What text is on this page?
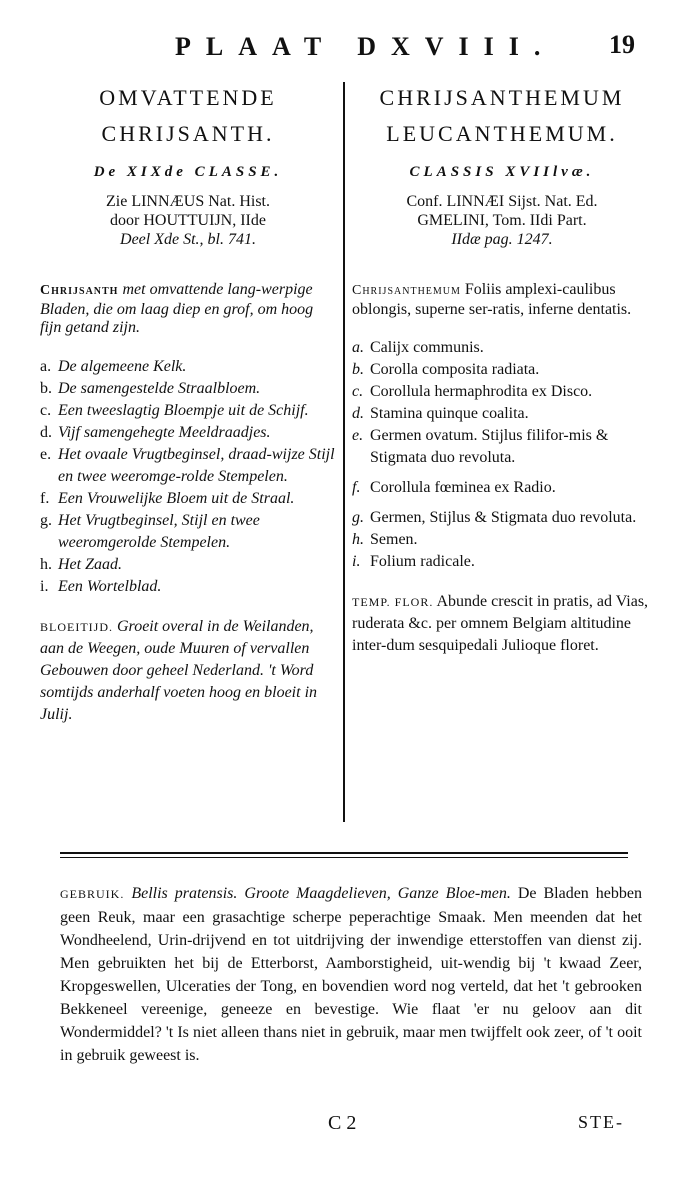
PLAAT DXVIII. 19
OMVATTENDE
CHRIJSANTH.
De XIXde CLASSE.
Zie LINNÆUS Nat. Hist.
door HOUTTUIJN, IIde
Deel Xde St., bl. 741.
Chrijsanth met omvattende lang-werpige Bladen, die om laag diep en grof, om hoog fijn getand zijn.
a. De algemeene Kelk.
b. De samengestelde Straalbloem.
c. Een tweeslagtig Bloempje uit de Schijf.
d. Vijf samengehegte Meeldraadjes.
e. Het ovaale Vrugtbeginsel, draad-wijze Stijl en twee weeromge-rolde Stempelen.
f. Een Vrouwelijke Bloem uit de Straal.
g. Het Vrugtbeginsel, Stijl en twee weeromgerolde Stempelen.
h. Het Zaad.
i. Een Wortelblad.
BLOEITIJD. Groeit overal in de Weilanden, aan de Weegen, oude Muuren of vervallen Gebouwen door geheel Nederland. 't Word somtijds anderhalf voeten hoog en bloeit in Julij.
CHRIJSANTHEMUM
LEUCANTHEMUM.
CLASSIS XVIIlvæ.
Conf. LINNÆI Sijst. Nat. Ed.
GMELINI, Tom. IIdi Part.
IIdæ pag. 1247.
Chrijsanthemum Foliis amplexi-caulibus oblongis, superne ser-ratis, inferne dentatis.
a. Calijx communis.
b. Corolla composita radiata.
c. Corollula hermaphrodita ex Disco.
d. Stamina quinque coalita.
e. Germen ovatum. Stijlus filifor-mis & Stigmata duo revoluta.
f. Corollula fœminea ex Radio.
g. Germen, Stijlus & Stigmata duo revoluta.
h. Semen.
i. Folium radicale.
TEMP. FLOR. Abunde crescit in pratis, ad Vias, ruderata &c. per omnem Belgiam altitudine inter-dum sesquipedali Julioque floret.
GEBRUIK. Bellis pratensis. Groote Maagdelieven, Ganze Bloe-men. De Bladen hebben geen Reuk, maar een grasachtige scherpe peperachtige Smaak. Men meenden dat het Wondheelend, Urin-drijvend en tot uitdrijving der inwendige etterstoffen van dienst zij. Men gebruikten het bij de Etterborst, Aamborstigheid, uit-wendig bij 't kwaad Zeer, Kropgeswellen, Ulceraties der Tong, en bovendien word nog verteld, dat het 't gebrooken Bekkeneel vereenige, geneeze en bevestige. Wie flaat 'er nu geloov aan dit Wondermiddel? 't Is niet alleen thans niet in gebruik, maar men twijffelt ook zeer, of 't ooit in gebruik geweest is.
C 2	STE-
